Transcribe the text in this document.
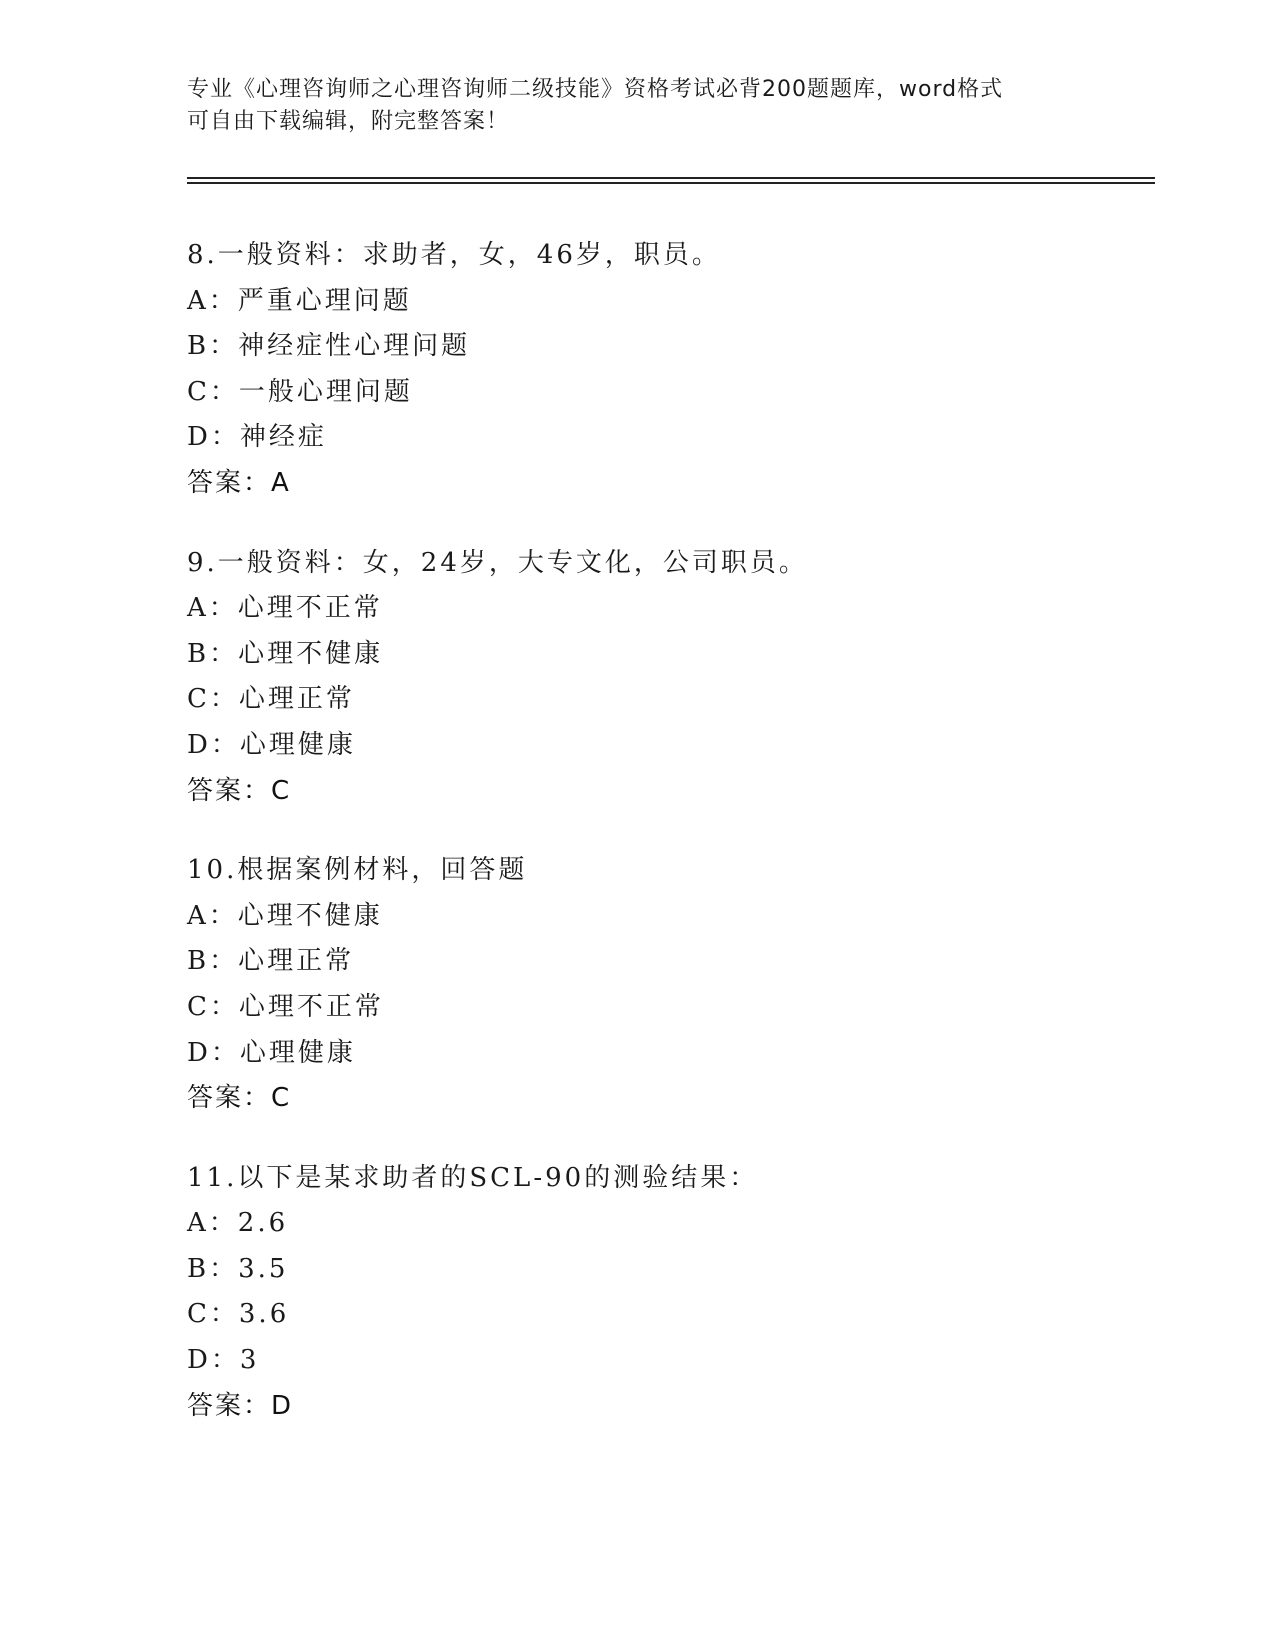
专业《心理咨询师之心理咨询师二级技能》资格考试必背200题题库，word格式
可自由下载编辑，附完整答案！
8.一般资料：求助者，女，46岁，职员。
A：严重心理问题
B：神经症性心理问题
C：一般心理问题
D：神经症
答案：A
9.一般资料：女，24岁，大专文化，公司职员。
A：心理不正常
B：心理不健康
C：心理正常
D：心理健康
答案：C
10.根据案例材料，回答题
A：心理不健康
B：心理正常
C：心理不正常
D：心理健康
答案：C
11.以下是某求助者的SCL-90的测验结果：
A：2.6
B：3.5
C：3.6
D：3
答案：D
